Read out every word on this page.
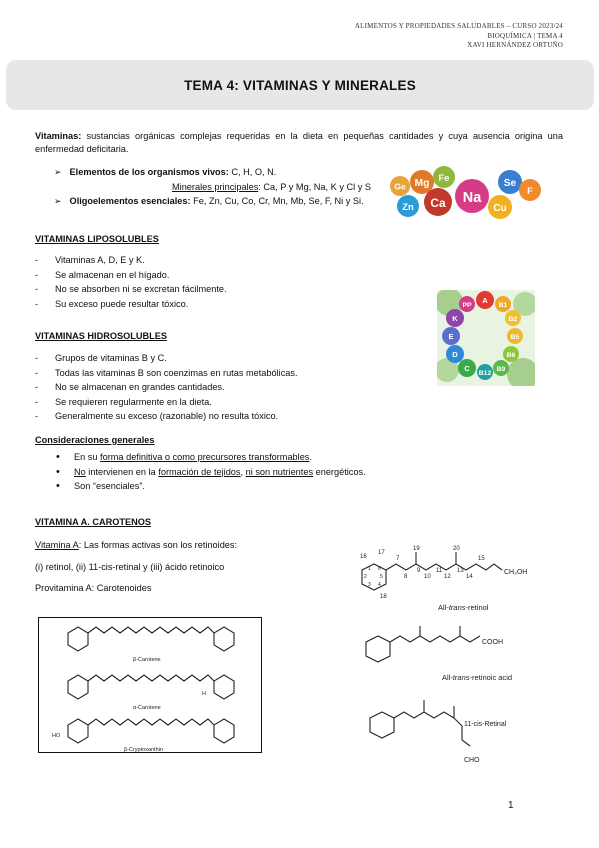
ALIMENTOS Y PROPIEDADES SALUDABLES – CURSO 2023/24
BIOQUÍMICA | TEMA 4
XAVI HERNÁNDEZ ORTUÑO
TEMA 4: VITAMINAS Y MINERALES
Vitaminas: sustancias orgánicas complejas requeridas en la dieta en pequeñas cantidades y cuya ausencia origina una enfermedad deficitaria.
➢ Elementos de los organismos vivos: C, H, O, N.
Minerales principales: Ca, P y Mg, Na, K y Cl y S
➢ Oligoelementos esenciales: Fe, Zn, Cu, Co, Cr, Mn, Mb, Se, F, Ni y Si.
Ge Mg
Fe
Se
Zn Ca Na
Cu
F
VITAMINAS LIPOSOLUBLES
- Vitaminas A, D, E y K.
- Se almacenan en el hígado.
- No se absorben ni se excretan fácilmente.
- Su exceso puede resultar tóxico.	PP
A
B1
K	B2
E	B5
D	B6
C
B12
B9
VITAMINAS HIDROSOLUBLES
- Grupos de vitaminas B y C.
- Todas las vitaminas B son coenzimas en rutas metabólicas.
- No se almacenan en grandes cantidades.
- Se requieren regularmente en la dieta.
- Generalmente su exceso (razonable) no resulta tóxico.
Consideraciones generales
• En su forma definitiva o como precursores transformables.
• No intervienen en la formación de tejidos, ni son nutrientes energéticos.
• Son “esenciales”.
VITAMINA A. CAROTENOS
Vitamina A: Las formas activas son los retinoides:
(i) retinol, (ii) 11-cis-retinal y (iii) ácido retinoico
Provitamina A: Carotenoides
β-Carotene
H
α-Carotene
HO
β-Cryptoxanthin
16
17
19	20
15
1
2
3 4
5
6
7
8
9
10
11
12
13
14
18
CH₂OH
All-trans-retinol
COOH
All-trans-retinoic acid
11-cis-Retinal
CHO
1
